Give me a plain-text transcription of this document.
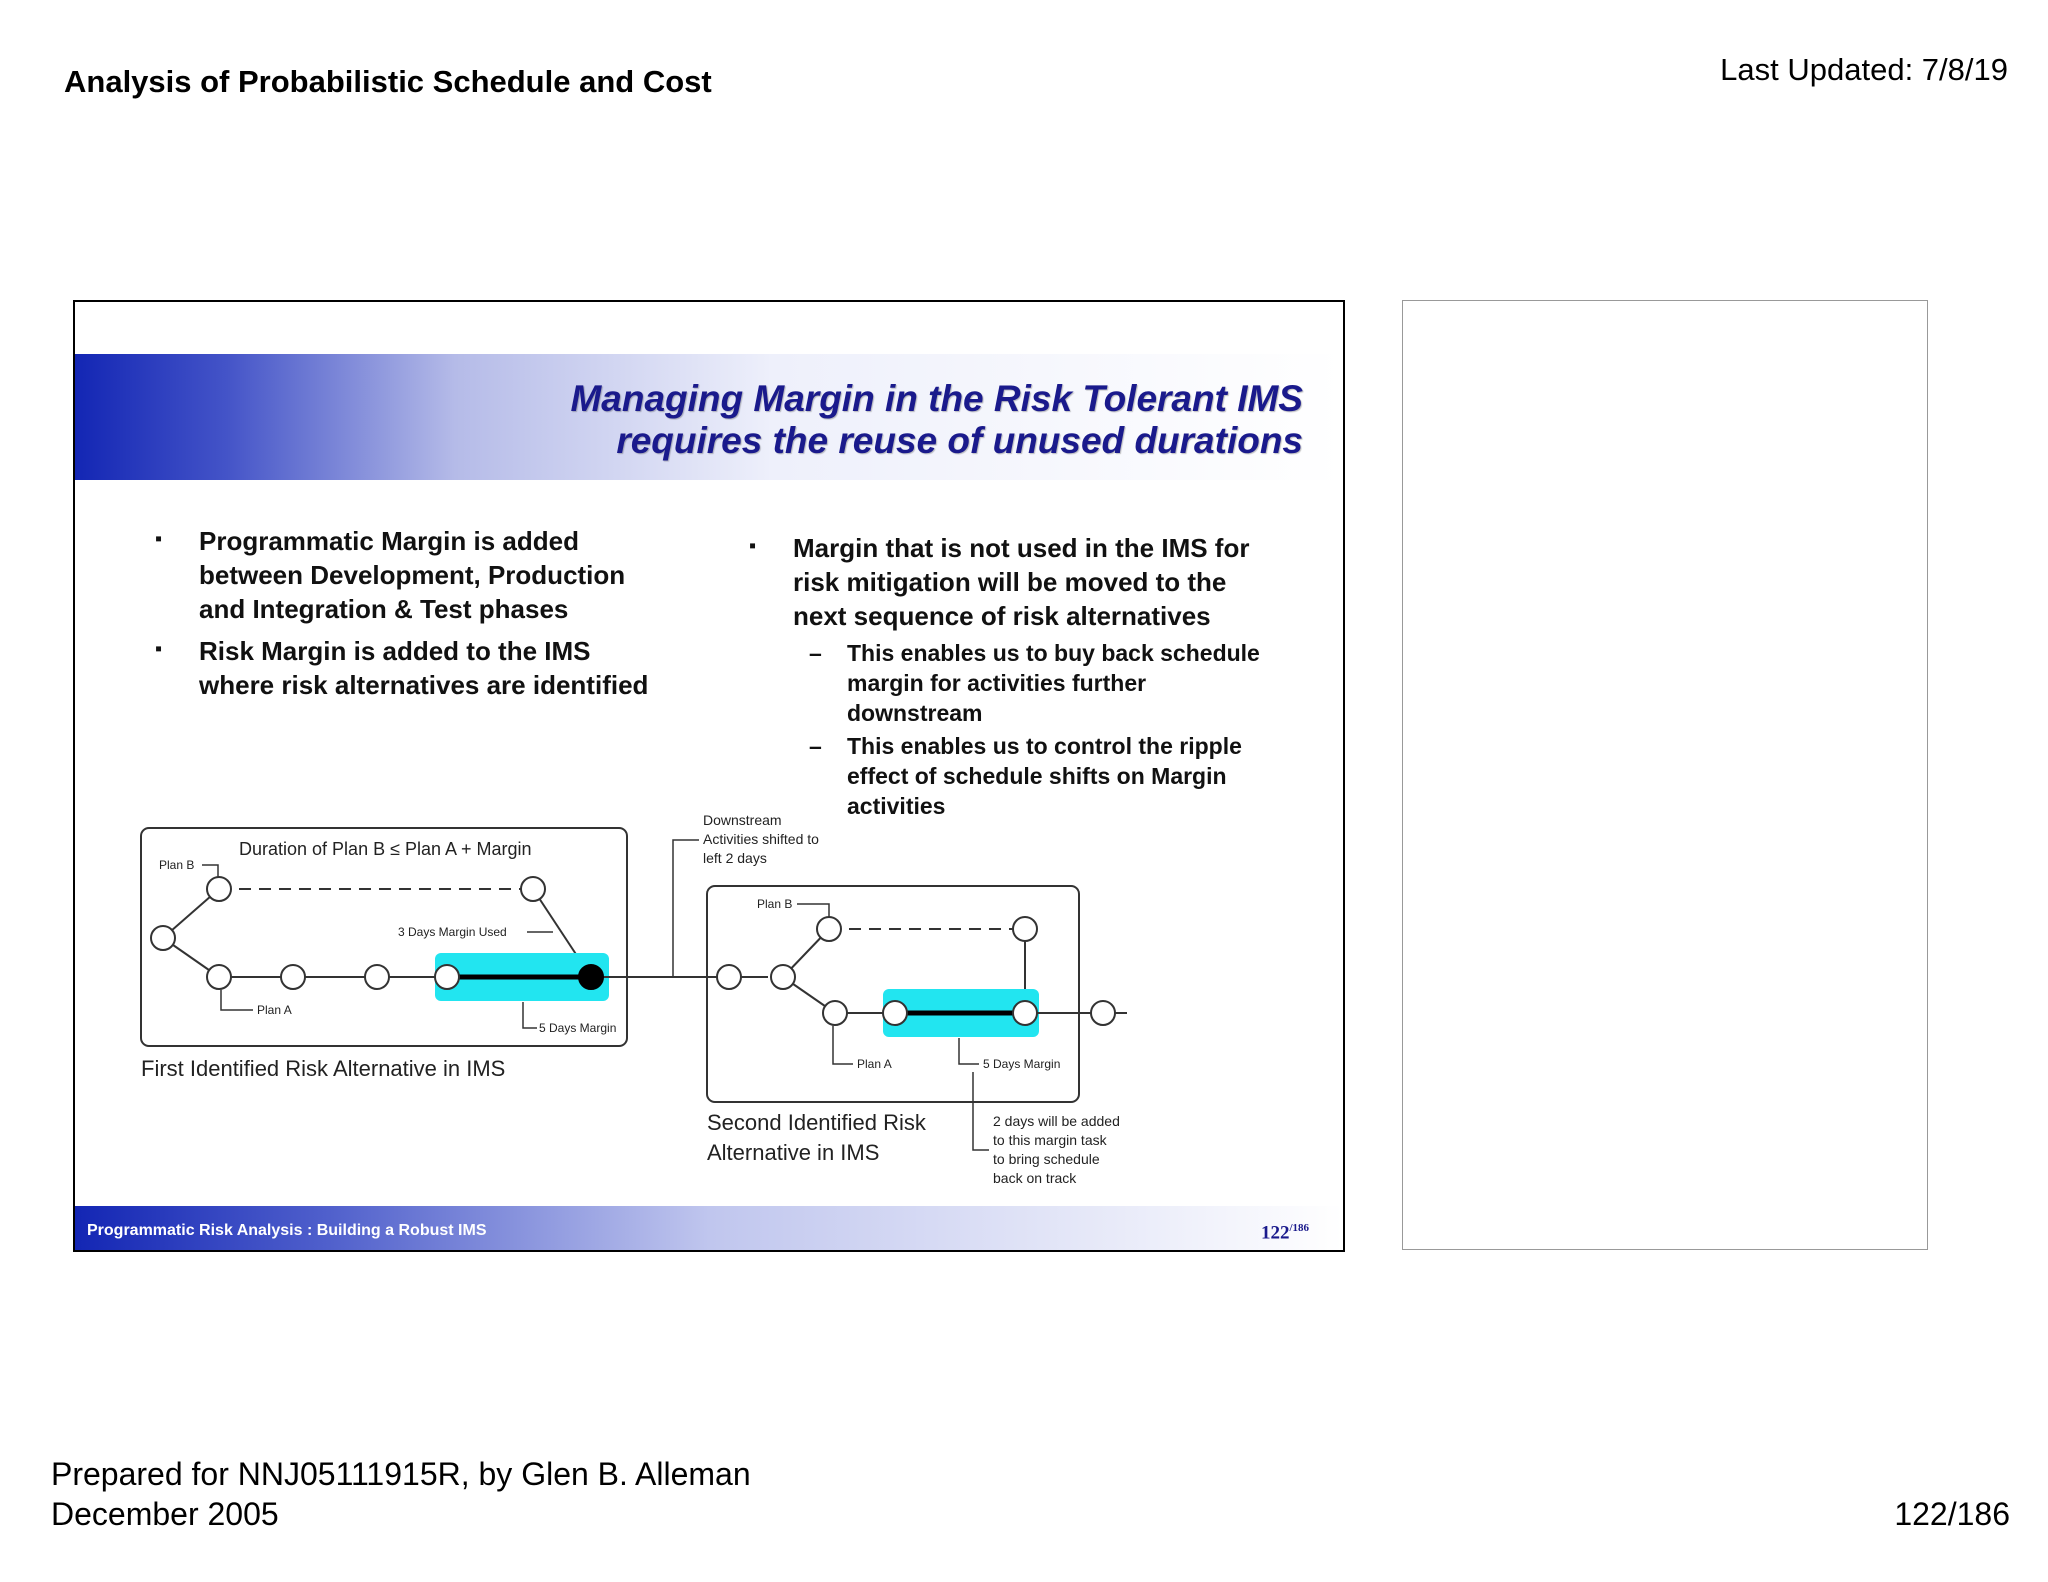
Analysis of Probabilistic Schedule and Cost	Last Updated: 7/8/19
Managing Margin in the Risk Tolerant IMS
requires the reuse of unused durations
▪ Programmatic Margin is added
between Development, Production
and Integration & Test phases
▪ Risk Margin is added to the IMS
where risk alternatives are identified
▪ Margin that is not used in the IMS for
risk mitigation will be moved to the
next sequence of risk alternatives
– This enables us to buy back schedule
margin for activities further
downstream
– This enables us to control the ripple
effect of schedule shifts on Margin
activities
Duration of Plan B ≤ Plan A + Margin
Plan B
3 Days Margin Used
Plan A
5 Days Margin
First Identified Risk Alternative in IMS
Downstream
Activities shifted to
left 2 days
Plan B
Plan A	5 Days Margin
Second Identified Risk
Alternative in IMS
2 days will be added
to this margin task
to bring schedule
back on track
Programmatic Risk Analysis : Building a Robust IMS	$122^{/186}$
Prepared for NNJ05111915R, by Glen B. Alleman
December 2005	122/186
